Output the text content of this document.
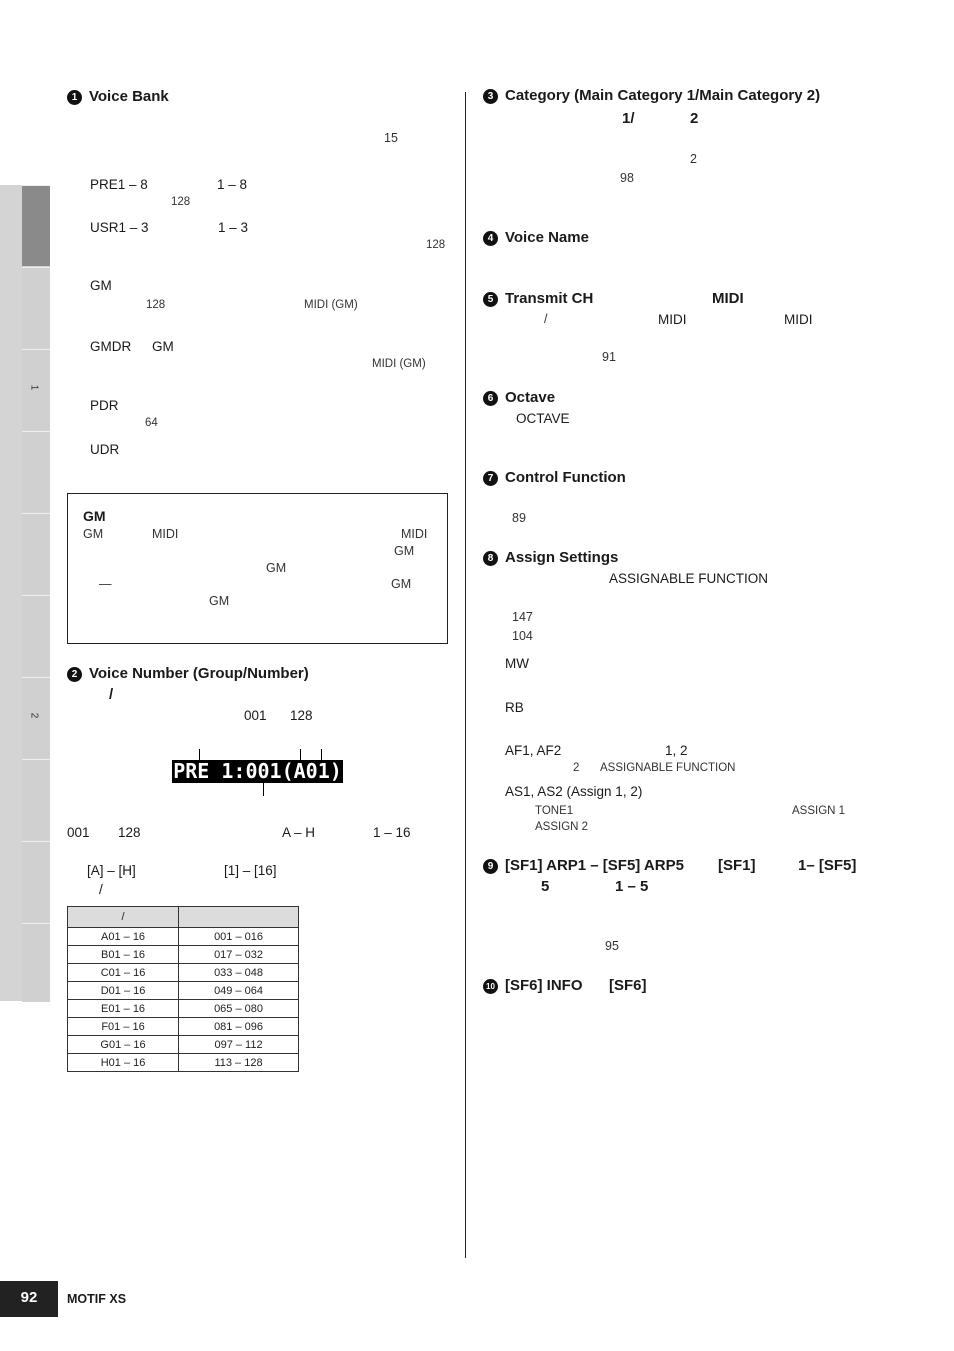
1
2
1 Voice Bank
15
PRE1 – 8	1 – 8
128
USR1 – 3	1 – 3
128
GM
128	MIDI (GM)
GMDR GM
MIDI (GM)
PDR
64
UDR
GM
GM	MIDI	MIDI
GM
GM
—	GM
GM
2 Voice Number (Group/Number)
/
001 128
PRE 1:001(A01)
001 128	A – H	1 – 16
[A] – [H]	[1] – [16]
/
/	
A01 – 16	001 – 016
B01 – 16	017 – 032
C01 – 16	033 – 048
D01 – 16	049 – 064
E01 – 16	065 – 080
F01 – 16	081 – 096
G01 – 16	097 – 112
H01 – 16	113 – 128
3 Category (Main Category 1/Main Category 2)
1/	2
2
98
4 Voice Name
5 Transmit CH	MIDI
/	MIDI	MIDI
91
6 Octave
OCTAVE
7 Control Function
89
8 Assign Settings
ASSIGNABLE FUNCTION
147
104
MW
RB
AF1, AF2	1, 2
2 ASSIGNABLE FUNCTION
AS1, AS2 (Assign 1, 2)
TONE1	ASSIGN 1
ASSIGN 2
9 [SF1] ARP1 – [SF5] ARP5 [SF1]	1– [SF5]
5	1 – 5
95
10 [SF6] INFO [SF6]
92	MOTIF XS
